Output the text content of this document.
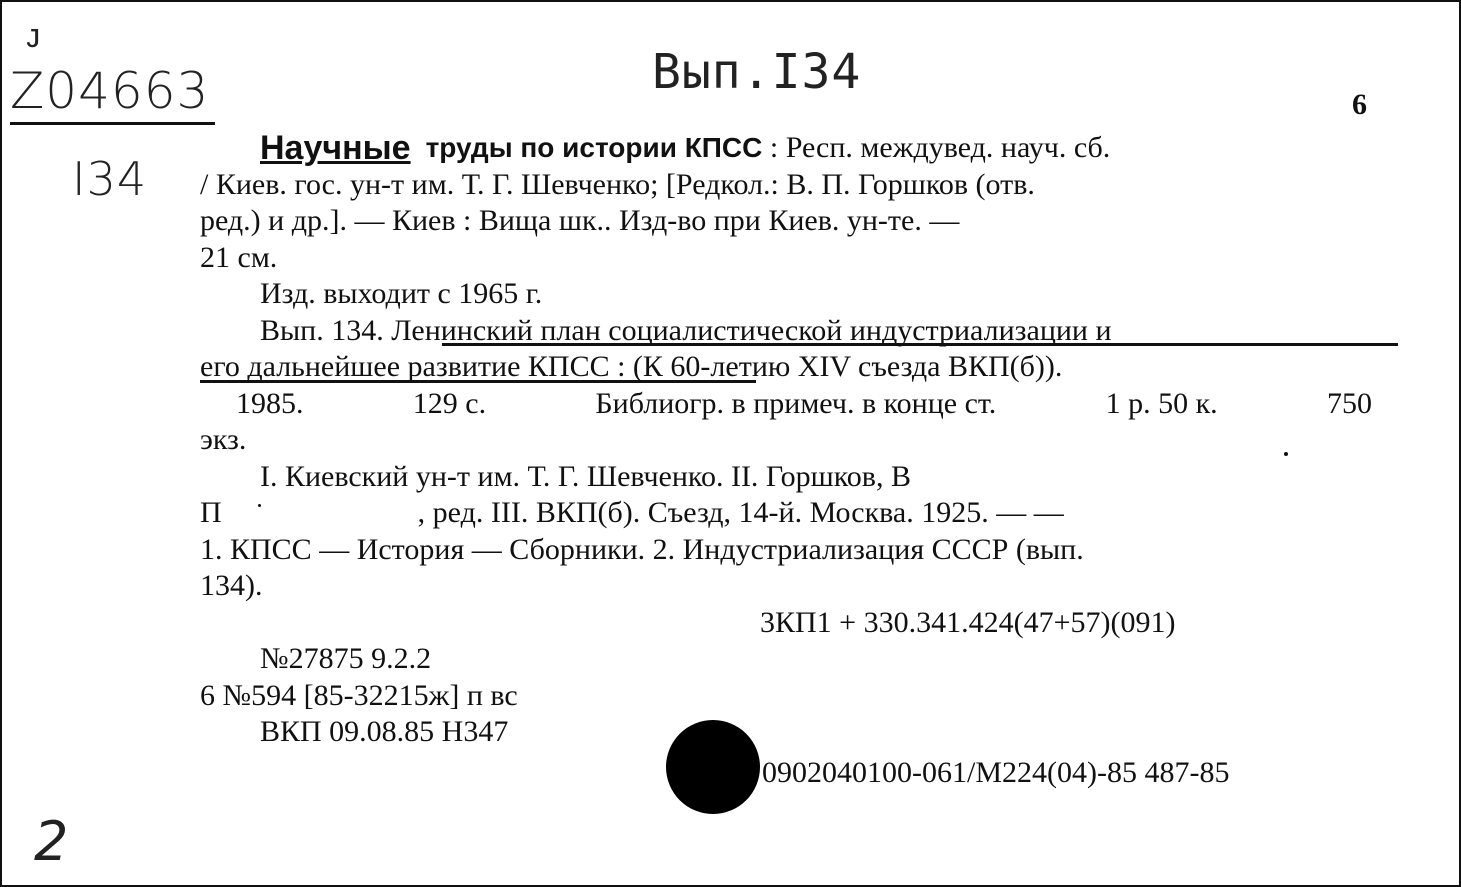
ᴊ
Z04663
I34
Вып.I34
2
6
Научные
труды по истории КПСС : Респ. междувед. науч. сб.
/ Киев. гос. ун-т им. Т. Г. Шевченко; [Редкол.: В. П. Горшков (отв.
ред.) и др.]. — Киев : Вища шк.. Изд-во при Киев. ун-те. —
21 см.
Изд. выходит с 1965 г.
Вып. 134. Ленинский план социалистической индустриализации и
его дальнейшее развитие КПСС : (К 60-летию XIV съезда ВКП(б)).
1985.	129 с.	Библиогр. в примеч. в конце ст.	1 р. 50 к.	750
экз.
I. Киевский ун-т им. Т. Г. Шевченко. II. Горшков, В
П	, ред. III. ВКП(б). Съезд, 14-й. Москва. 1925. — —
1. КПСС — История — Сборники. 2. Индустриализация СССР (вып.
134).
3КП1 + 330.341.424(47+57)(091)
№27875 9.2.2
6 №594 [85-32215ж] п вс
ВКП 09.08.85 Н347
0902040100-061/М224(04)-85 487-85
